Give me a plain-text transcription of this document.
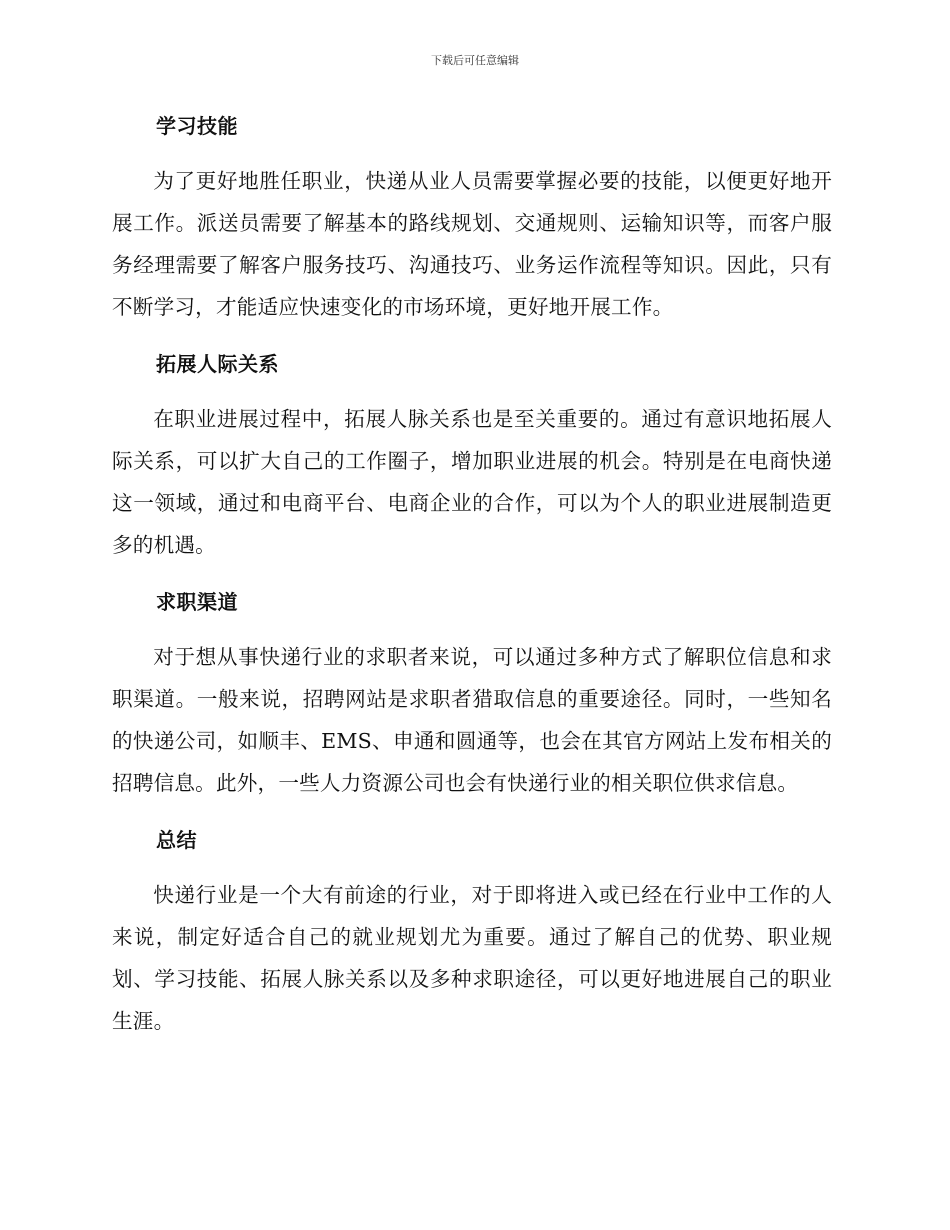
下载后可任意编辑
学习技能

为了更好地胜任职业，快递从业人员需要掌握必要的技能，以便更好地开展工作。派送员需要了解基本的路线规划、交通规则、运输知识等，而客户服务经理需要了解客户服务技巧、沟通技巧、业务运作流程等知识。因此，只有不断学习，才能适应快速变化的市场环境，更好地开展工作。

拓展人际关系

在职业进展过程中，拓展人脉关系也是至关重要的。通过有意识地拓展人际关系，可以扩大自己的工作圈子，增加职业进展的机会。特别是在电商快递这一领域，通过和电商平台、电商企业的合作，可以为个人的职业进展制造更多的机遇。

求职渠道

对于想从事快递行业的求职者来说，可以通过多种方式了解职位信息和求职渠道。一般来说，招聘网站是求职者猎取信息的重要途径。同时，一些知名的快递公司，如顺丰、EMS、申通和圆通等，也会在其官方网站上发布相关的招聘信息。此外，一些人力资源公司也会有快递行业的相关职位供求信息。

总结

快递行业是一个大有前途的行业，对于即将进入或已经在行业中工作的人来说，制定好适合自己的就业规划尤为重要。通过了解自己的优势、职业规划、学习技能、拓展人脉关系以及多种求职途径，可以更好地进展自己的职业生涯。
